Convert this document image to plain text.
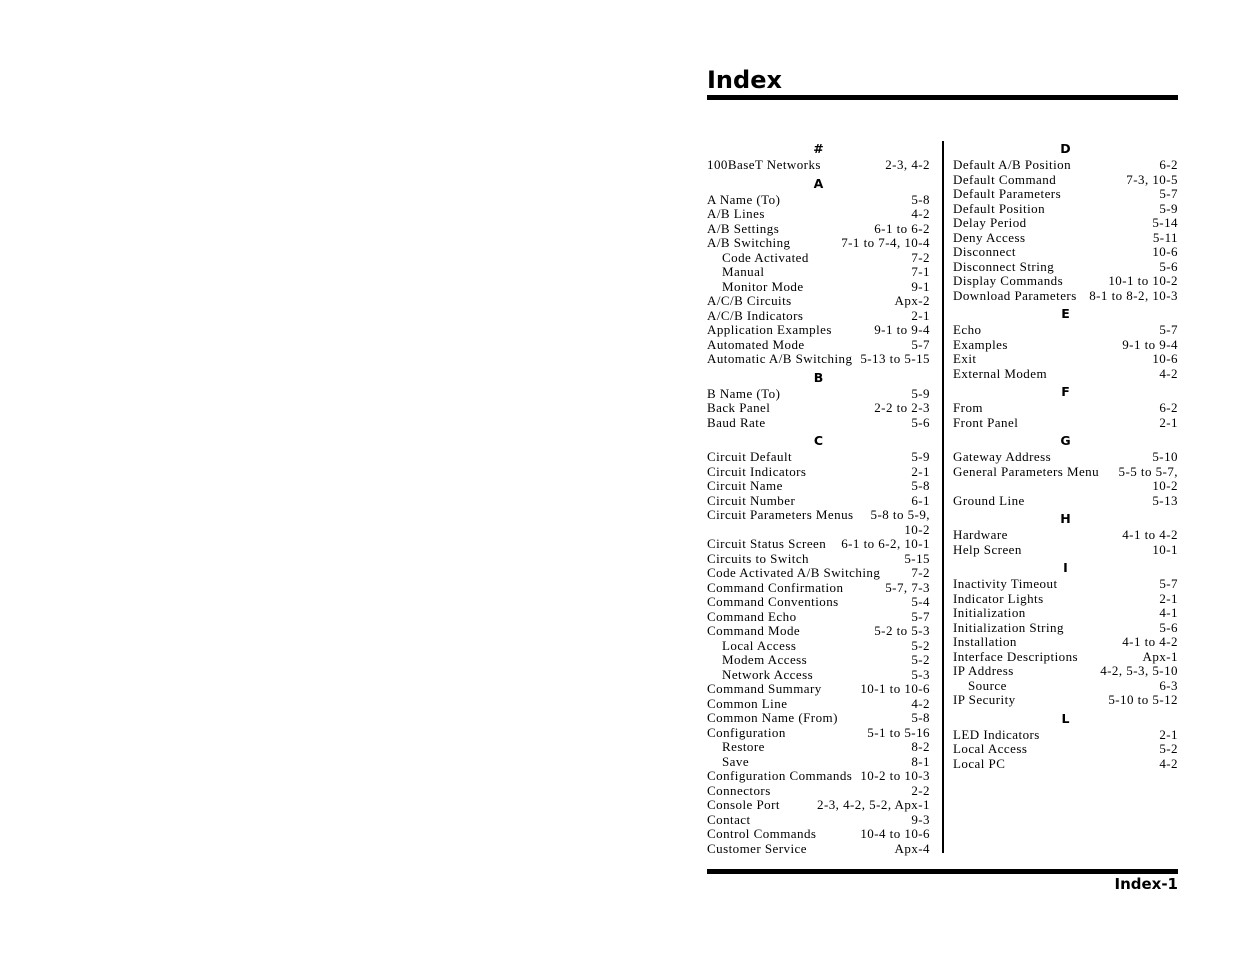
Index
#
100BaseT Networks	2-3, 4-2
A
A Name (To)	5-8
A/B Lines	4-2
A/B Settings	6-1 to 6-2
A/B Switching	7-1 to 7-4, 10-4
Code Activated	7-2
Manual	7-1
Monitor Mode	9-1
A/C/B Circuits	Apx-2
A/C/B Indicators	2-1
Application Examples	9-1 to 9-4
Automated Mode	5-7
Automatic A/B Switching 5-13 to 5-15
B
B Name (To)	5-9
Back Panel	2-2 to 2-3
Baud Rate	5-6
C
Circuit Default	5-9
Circuit Indicators	2-1
Circuit Name	5-8
Circuit Number	6-1
Circuit Parameters Menus 5-8 to 5-9,
10-2
Circuit Status Screen 6-1 to 6-2, 10-1
Circuits to Switch	5-15
Code Activated A/B Switching 7-2
Command Confirmation	5-7, 7-3
Command Conventions	5-4
Command Echo	5-7
Command Mode	5-2 to 5-3
Local Access	5-2
Modem Access	5-2
Network Access	5-3
Command Summary	10-1 to 10-6
Common Line	4-2
Common Name (From)	5-8
Configuration	5-1 to 5-16
Restore	8-2
Save	8-1
Configuration Commands 10-2 to 10-3
Connectors	2-2
Console Port	2-3, 4-2, 5-2, Apx-1
Contact	9-3
Control Commands	10-4 to 10-6
Customer Service	Apx-4
D
Default A/B Position	6-2
Default Command	7-3, 10-5
Default Parameters	5-7
Default Position	5-9
Delay Period	5-14
Deny Access	5-11
Disconnect	10-6
Disconnect String	5-6
Display Commands	10-1 to 10-2
Download Parameters 8-1 to 8-2, 10-3
E
Echo	5-7
Examples	9-1 to 9-4
Exit	10-6
External Modem	4-2
F
From	6-2
Front Panel	2-1
G
Gateway Address	5-10
General Parameters Menu 5-5 to 5-7,
10-2
Ground Line	5-13
H
Hardware	4-1 to 4-2
Help Screen	10-1
I
Inactivity Timeout	5-7
Indicator Lights	2-1
Initialization	4-1
Initialization String	5-6
Installation	4-1 to 4-2
Interface Descriptions	Apx-1
IP Address	4-2, 5-3, 5-10
Source	6-3
IP Security	5-10 to 5-12
L
LED Indicators	2-1
Local Access	5-2
Local PC	4-2
Index-1
